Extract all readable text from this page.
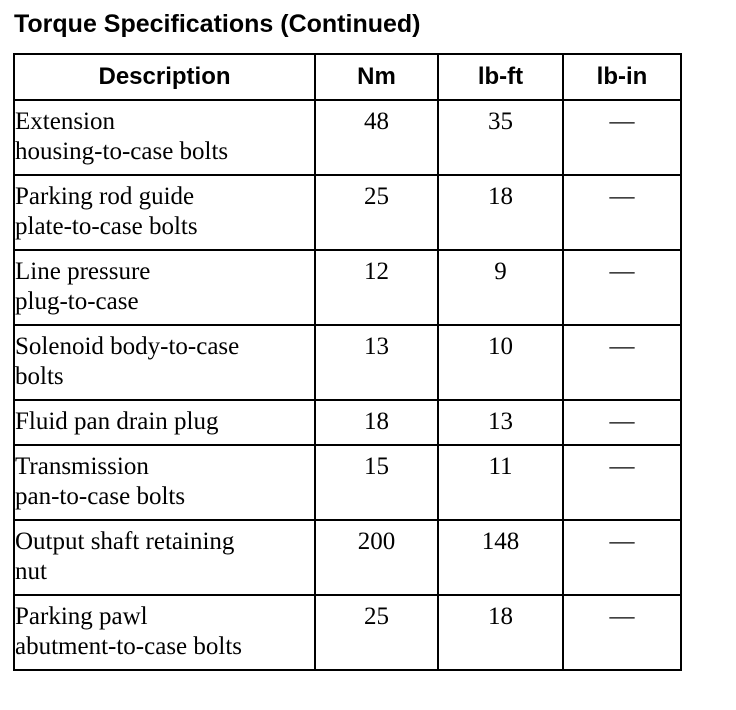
Torque Specifications (Continued)
Description	Nm	lb-ft	lb-in
Extension
housing-to-case bolts	48	35	—
Parking rod guide
plate-to-case bolts	25	18	—
Line pressure
plug-to-case	12	9	—
Solenoid body-to-case
bolts	13	10	—
Fluid pan drain plug	18	13	—
Transmission
pan-to-case bolts	15	11	—
Output shaft retaining
nut	200	148	—
Parking pawl
abutment-to-case bolts	25	18	—
